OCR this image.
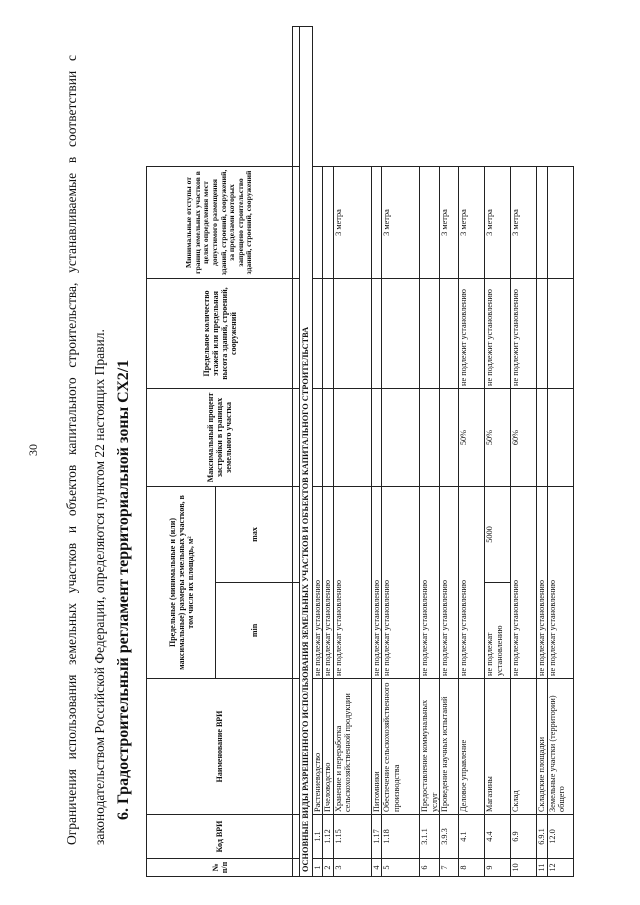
30	Ограничения использования земельных участков и объектов капитального строительства, устанавливаемые в соответствии с законодательством Российской Федерации, определяются пунктом 22 настоящих Правил. 6. Градостроительный регламент территориальной зоны СХ2/1
№ п/п	Код ВРИ	Наименование ВРИ	Предельные (минимальные и (или) максимальные) размеры земельных участков, в том числе их площадь, м²		Максимальный процент застройки в границах земельного участка	Предельное количество этажей или предельная высота зданий, строений, сооружений	Минимальные отступы от границ земельных участков в целях определения мест допустимого размещения зданий, строений, сооружений, за пределами которых запрещено строительство зданий, строений, сооружений	
			min	max				

ОСНОВНЫЕ ВИДЫ РАЗРЕШЕННОГО ИСПОЛЬЗОВАНИЯ ЗЕМЕЛЬНЫХ УЧАСТКОВ И ОБЪЕКТОВ КАПИТАЛЬНОГО СТРОИТЕЛЬСТВА								
1	1.1	Растениеводство	не подлежат установлению					
2	1.12	Пчеловодство	не подлежат установлению					
3	1.15	Хранение и переработка сельскохозяйственной продукции	не подлежат установлению				3 метра	
4	1.17	Питомники	не подлежат установлению					
5	1.18	Обеспечение сельскохозяйственного производства	не подлежат установлению				3 метра	
6	3.1.1	Предоставление коммунальных услуг	не подлежат установлению					
7	3.9.3	Проведение научных испытаний	не подлежат установлению				3 метра	
8	4.1	Деловое управление	не подлежат установлению		50%	не подлежит установлению	3 метра	
9	4.4	Магазины	не подлежат установлению	5000	50%	не подлежит установлению	3 метра	
10	6.9	Склад	не подлежат установлению		60%	не подлежит установлению	3 метра	
11	6.9.1	Складские площадки	не подлежат установлению					
12	12.0	Земельные участки (территории) общего	не подлежат установлению					
